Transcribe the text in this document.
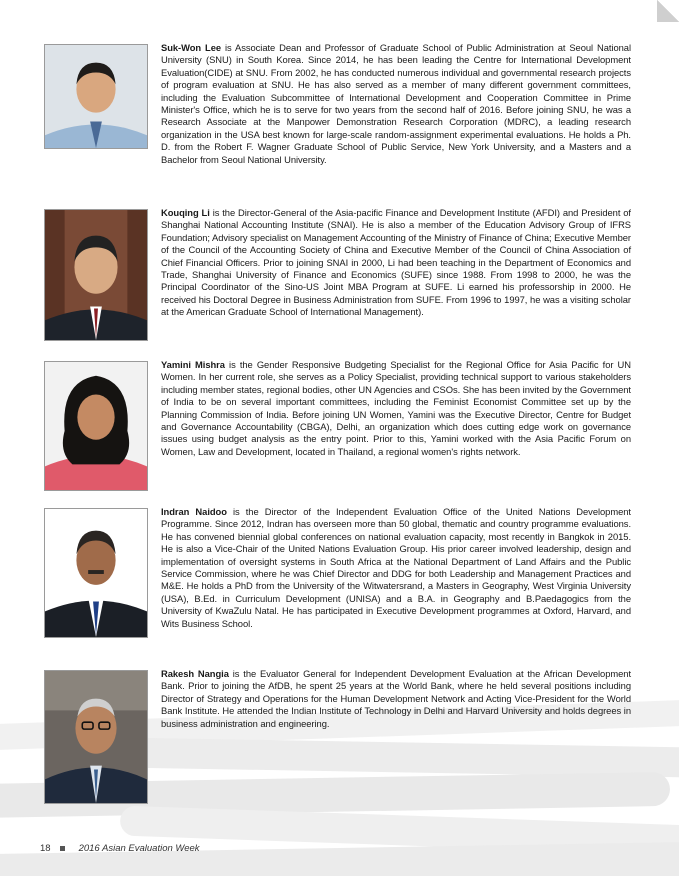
Suk-Won Lee is Associate Dean and Professor of Graduate School of Public Administration at Seoul National University (SNU) in South Korea. Since 2014, he has been leading the Centre for International Development Evaluation(CIDE) at SNU. From 2002, he has conducted numerous individual and governmental research projects of program evaluation at SNU. He has also served as a member of many different government committees, including the Evaluation Subcommittee of International Development and Cooperation Committee in Prime Minister's Office, which he is to serve for two years from the second half of 2016. Before joining SNU, he was a Research Associate at the Manpower Demonstration Research Corporation (MDRC), a leading research organization in the USA best known for large-scale random-assignment experimental evaluations. He holds a Ph. D. from the Robert F. Wagner Graduate School of Public Service, New York University, and a Masters and a Bachelor from Seoul National University.
Kouqing Li is the Director-General of the Asia-pacific Finance and Development Institute (AFDI) and President of Shanghai National Accounting Institute (SNAI). He is also a member of the Education Advisory Group of IFRS Foundation; Advisory specialist on Management Accounting of the Ministry of Finance of China; Executive Member of the Council of the Accounting Society of China and Executive Member of the Council of China Association of Chief Financial Officers. Prior to joining SNAI in 2000, Li had been teaching in the Department of Economics and Trade, Shanghai University of Finance and Economics (SUFE) since 1988. From 1998 to 2000, he was the Principal Coordinator of the Sino-US Joint MBA Program at SUFE. Li earned his professorship in 2000. He received his Doctoral Degree in Business Administration from SUFE. From 1996 to 1997, he was a visiting scholar at the American Graduate School of International Management).
Yamini Mishra is the Gender Responsive Budgeting Specialist for the Regional Office for Asia Pacific for UN Women. In her current role, she serves as a Policy Specialist, providing technical support to various stakeholders including member states, regional bodies, other UN Agencies and CSOs. She has been invited by the Government of India to be on several important committees, including the Feminist Economist Committee set up by the Planning Commission of India. Before joining UN Women, Yamini was the Executive Director, Centre for Budget and Governance Accountability (CBGA), Delhi, an organization which does cutting edge work on governance issues using budget analysis as the entry point. Prior to this, Yamini worked with the Asia Pacific Forum on Women, Law and Development, located in Thailand, a regional women's rights network.
Indran Naidoo is the Director of the Independent Evaluation Office of the United Nations Development Programme. Since 2012, Indran has overseen more than 50 global, thematic and country programme evaluations. He has convened biennial global conferences on national evaluation capacity, most recently in Bangkok in 2015. He is also a Vice-Chair of the United Nations Evaluation Group. His prior career involved leadership, design and implementation of oversight systems in South Africa at the National Department of Land Affairs and the Public Service Commission, where he was Chief Director and DDG for both Leadership and Management Practices and M&E. He holds a PhD from the University of the Witwatersrand, a Masters in Geography, West Virginia University (USA), B.Ed. in Curriculum Development (UNISA) and a B.A. in Geography and B.Paedagogics from the University of KwaZulu Natal. He has participated in Executive Development programmes at Oxford, Harvard, and Wits Business School.
Rakesh Nangia is the Evaluator General for Independent Development Evaluation at the African Development Bank. Prior to joining the AfDB, he spent 25 years at the World Bank, where he held several positions including Director of Strategy and Operations for the Human Development Network and Acting Vice-President for the World Bank Institute. He attended the Indian Institute of Technology in Delhi and Harvard University and holds degrees in business administration and engineering.
18	2016 Asian Evaluation Week
